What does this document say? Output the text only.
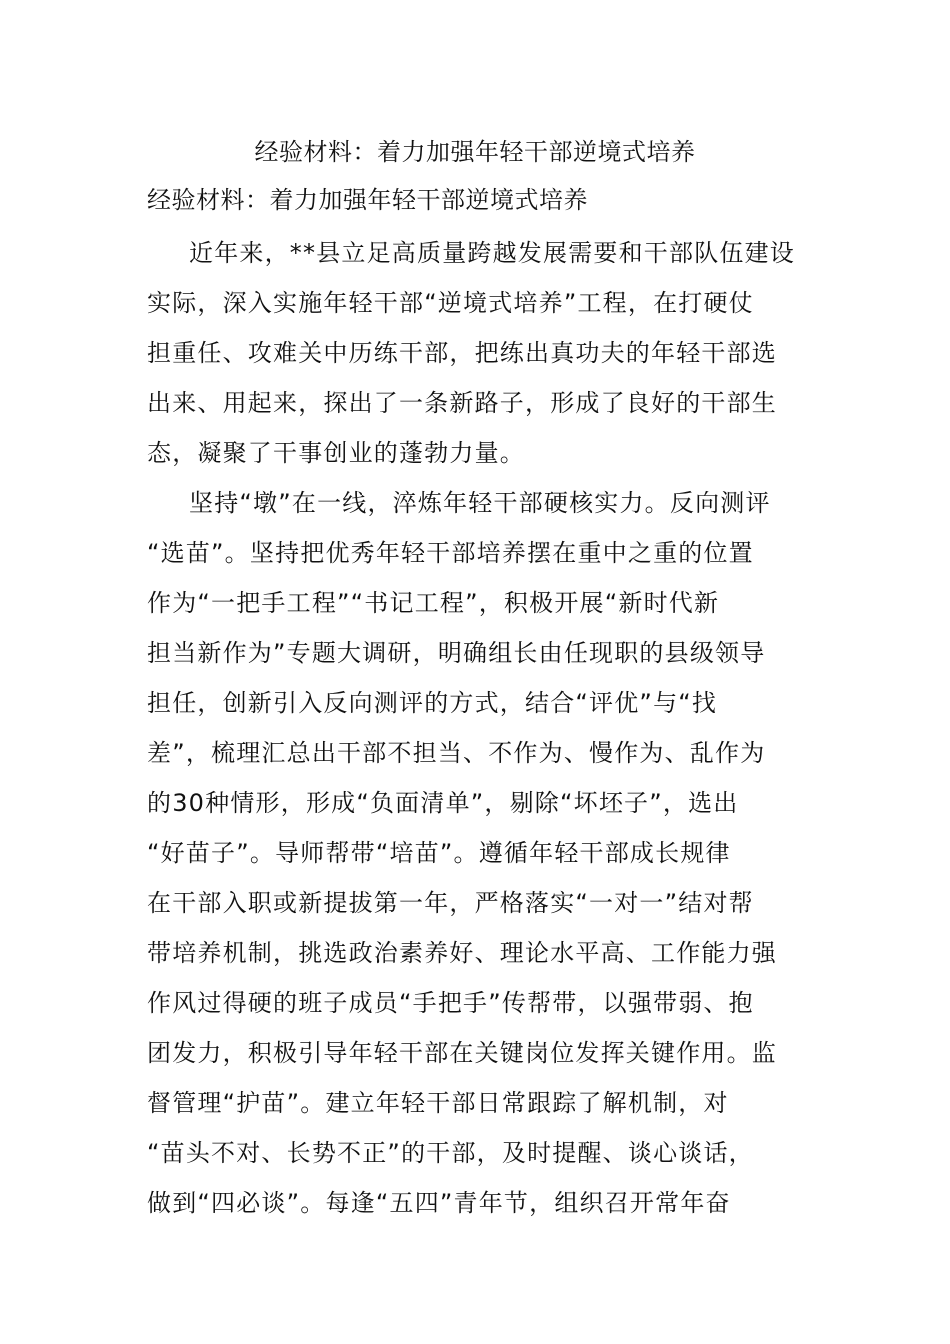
经验材料：着力加强年轻干部逆境式培养
经验材料：着力加强年轻干部逆境式培养
近年来，**县立足高质量跨越发展需要和干部队伍建设
实际，深入实施年轻干部“逆境式培养”工程，在打硬仗
担重任、攻难关中历练干部，把练出真功夫的年轻干部选
出来、用起来，探出了一条新路子，形成了良好的干部生
态，凝聚了干事创业的蓬勃力量。
坚持“墩”在一线，淬炼年轻干部硬核实力。反向测评
“选苗”。坚持把优秀年轻干部培养摆在重中之重的位置
作为“一把手工程”“书记工程”，积极开展“新时代新
担当新作为”专题大调研，明确组长由任现职的县级领导
担任，创新引入反向测评的方式，结合“评优”与“找
差”，梳理汇总出干部不担当、不作为、慢作为、乱作为
的30种情形，形成“负面清单”，剔除“坏坯子”，选出
“好苗子”。导师帮带“培苗”。遵循年轻干部成长规律
在干部入职或新提拔第一年，严格落实“一对一”结对帮
带培养机制，挑选政治素养好、理论水平高、工作能力强
作风过得硬的班子成员“手把手”传帮带，以强带弱、抱
团发力，积极引导年轻干部在关键岗位发挥关键作用。监
督管理“护苗”。建立年轻干部日常跟踪了解机制，对
“苗头不对、长势不正”的干部，及时提醒、谈心谈话，
做到“四必谈”。每逢“五四”青年节，组织召开常年奋
